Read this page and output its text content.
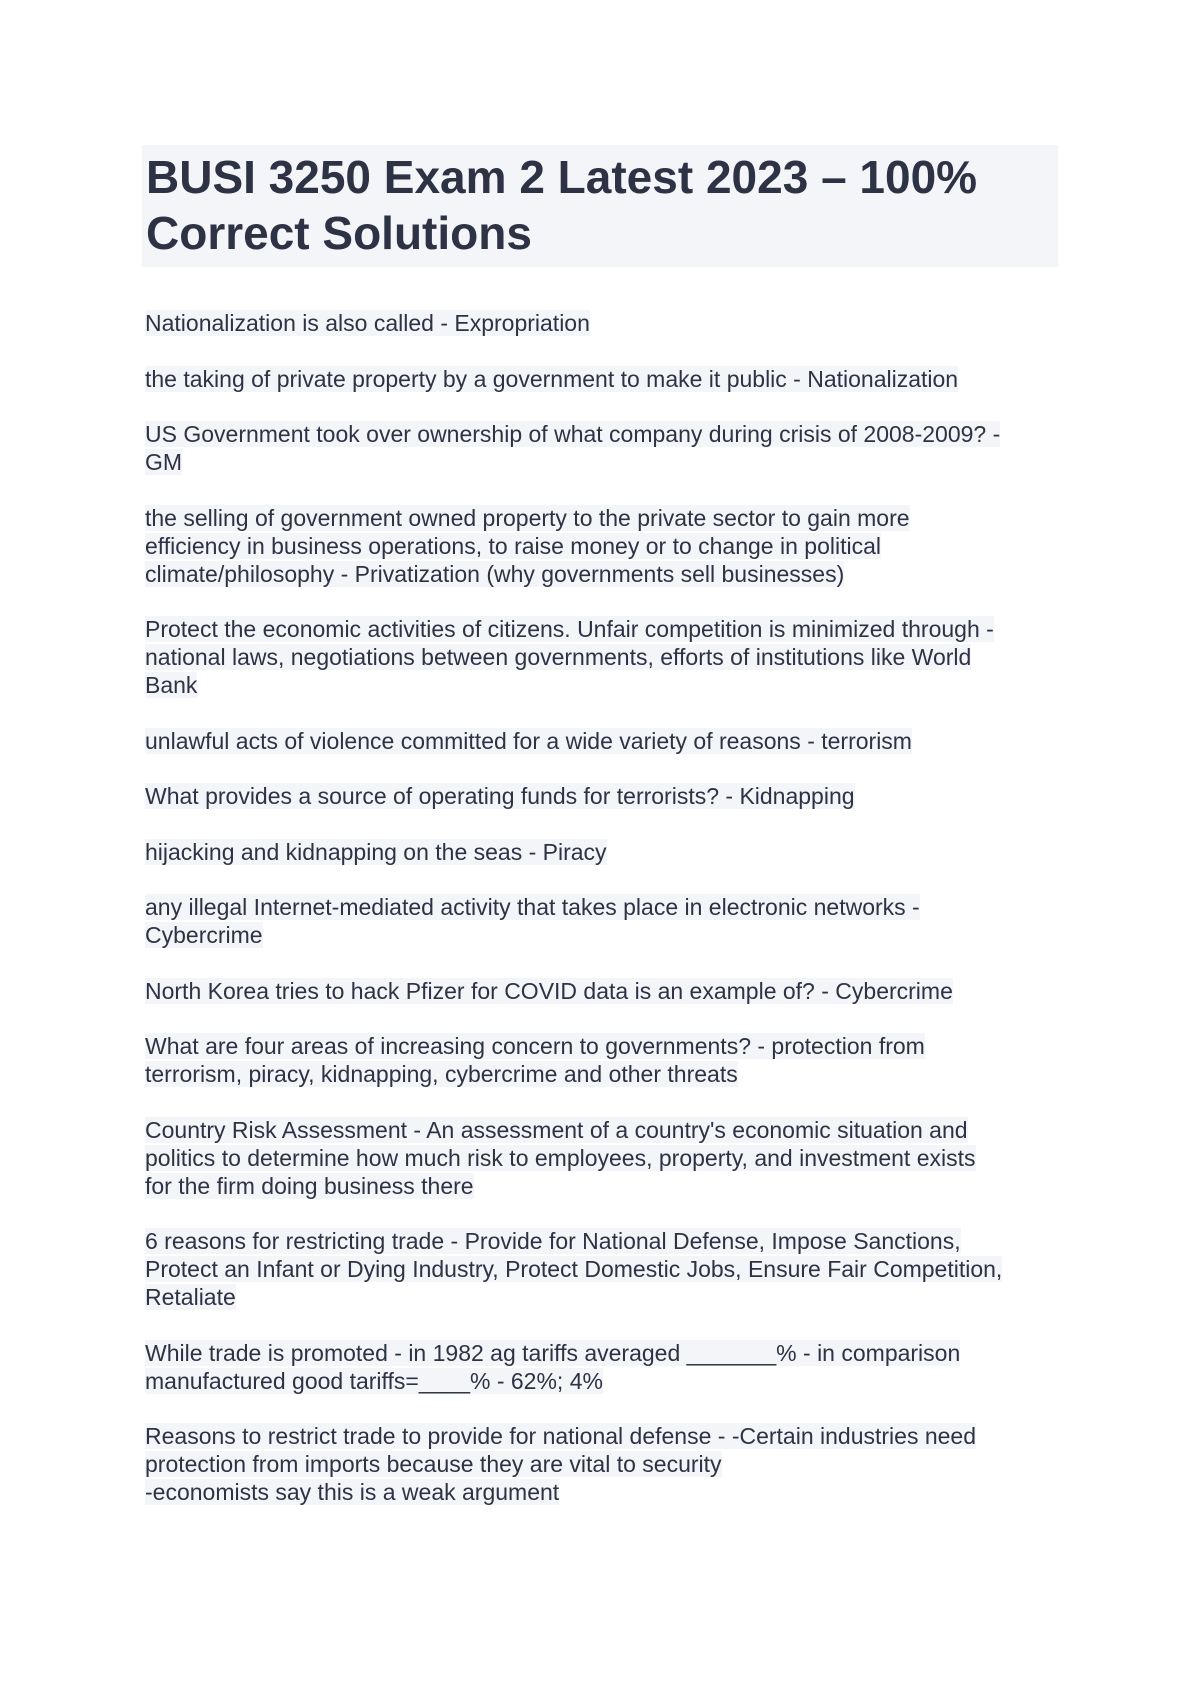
BUSI 3250 Exam 2 Latest 2023 – 100%
Correct Solutions

Nationalization is also called - Expropriation

the taking of private property by a government to make it public - Nationalization

US Government took over ownership of what company during crisis of 2008-2009? -
GM

the selling of government owned property to the private sector to gain more
efficiency in business operations, to raise money or to change in political
climate/philosophy - Privatization (why governments sell businesses)

Protect the economic activities of citizens. Unfair competition is minimized through -
national laws, negotiations between governments, efforts of institutions like World
Bank

unlawful acts of violence committed for a wide variety of reasons - terrorism

What provides a source of operating funds for terrorists? - Kidnapping

hijacking and kidnapping on the seas - Piracy

any illegal Internet-mediated activity that takes place in electronic networks -
Cybercrime

North Korea tries to hack Pfizer for COVID data is an example of? - Cybercrime

What are four areas of increasing concern to governments? - protection from
terrorism, piracy, kidnapping, cybercrime and other threats

Country Risk Assessment - An assessment of a country's economic situation and
politics to determine how much risk to employees, property, and investment exists
for the firm doing business there

6 reasons for restricting trade - Provide for National Defense, Impose Sanctions,
Protect an Infant or Dying Industry, Protect Domestic Jobs, Ensure Fair Competition,
Retaliate

While trade is promoted - in 1982 ag tariffs averaged _______% - in comparison
manufactured good tariffs=____% - 62%; 4%

Reasons to restrict trade to provide for national defense - -Certain industries need
protection from imports because they are vital to security
-economists say this is a weak argument
